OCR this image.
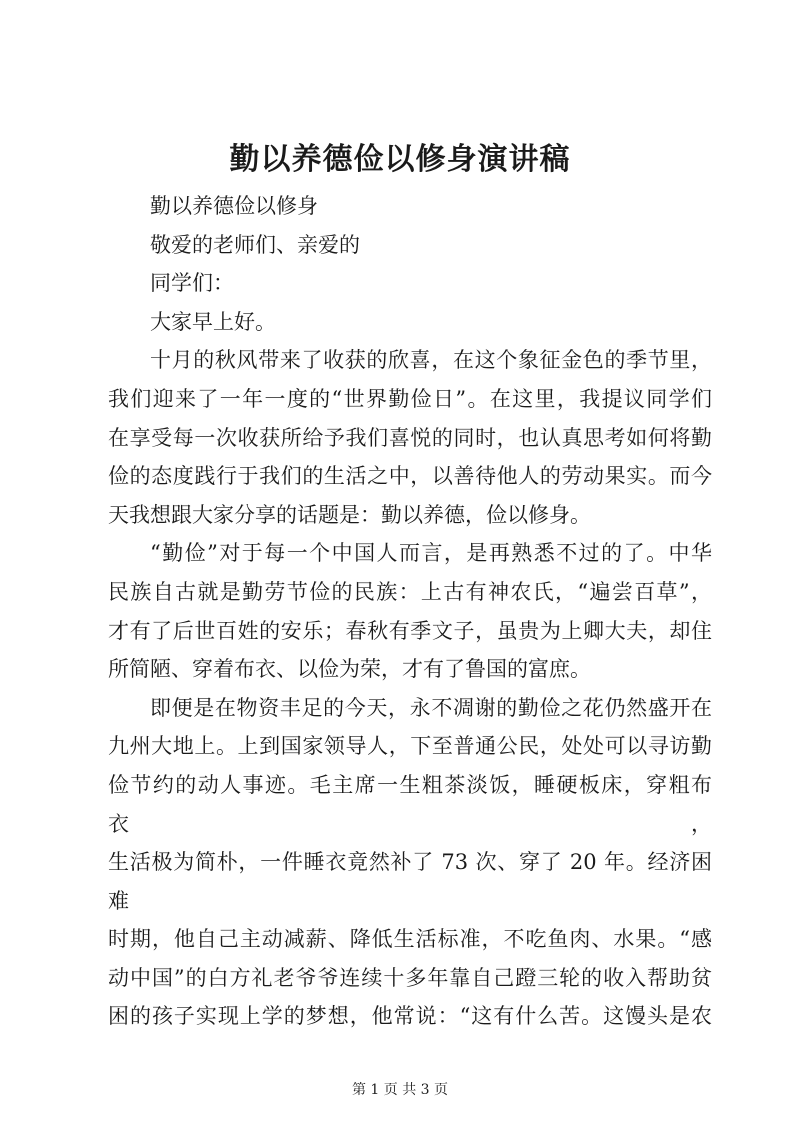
勤以养德俭以修身演讲稿

勤以养德俭以修身

敬爱的老师们、亲爱的

同学们：

大家早上好。

十月的秋风带来了收获的欣喜，在这个象征金色的季节里，
我们迎来了一年一度的“世界勤俭日”。在这里，我提议同学们
在享受每一次收获所给予我们喜悦的同时，也认真思考如何将勤
俭的态度践行于我们的生活之中，以善待他人的劳动果实。而今
天我想跟大家分享的话题是：勤以养德，俭以修身。
“勤俭”对于每一个中国人而言，是再熟悉不过的了。中华
民族自古就是勤劳节俭的民族：上古有神农氏，“遍尝百草”，
才有了后世百姓的安乐；春秋有季文子，虽贵为上卿大夫，却住
所简陋、穿着布衣、以俭为荣，才有了鲁国的富庶。
即便是在物资丰足的今天，永不凋谢的勤俭之花仍然盛开在
九州大地上。上到国家领导人，下至普通公民，处处可以寻访勤
俭节约的动人事迹。毛主席一生粗茶淡饭，睡硬板床，穿粗布衣，
生活极为简朴，一件睡衣竟然补了 73 次、穿了 20 年。经济困难
时期，他自己主动减薪、降低生活标准，不吃鱼肉、水果。“感
动中国”的白方礼老爷爷连续十多年靠自己蹬三轮的收入帮助贫
困的孩子实现上学的梦想，他常说：“这有什么苦。这馒头是农
第 1 页 共 3 页
